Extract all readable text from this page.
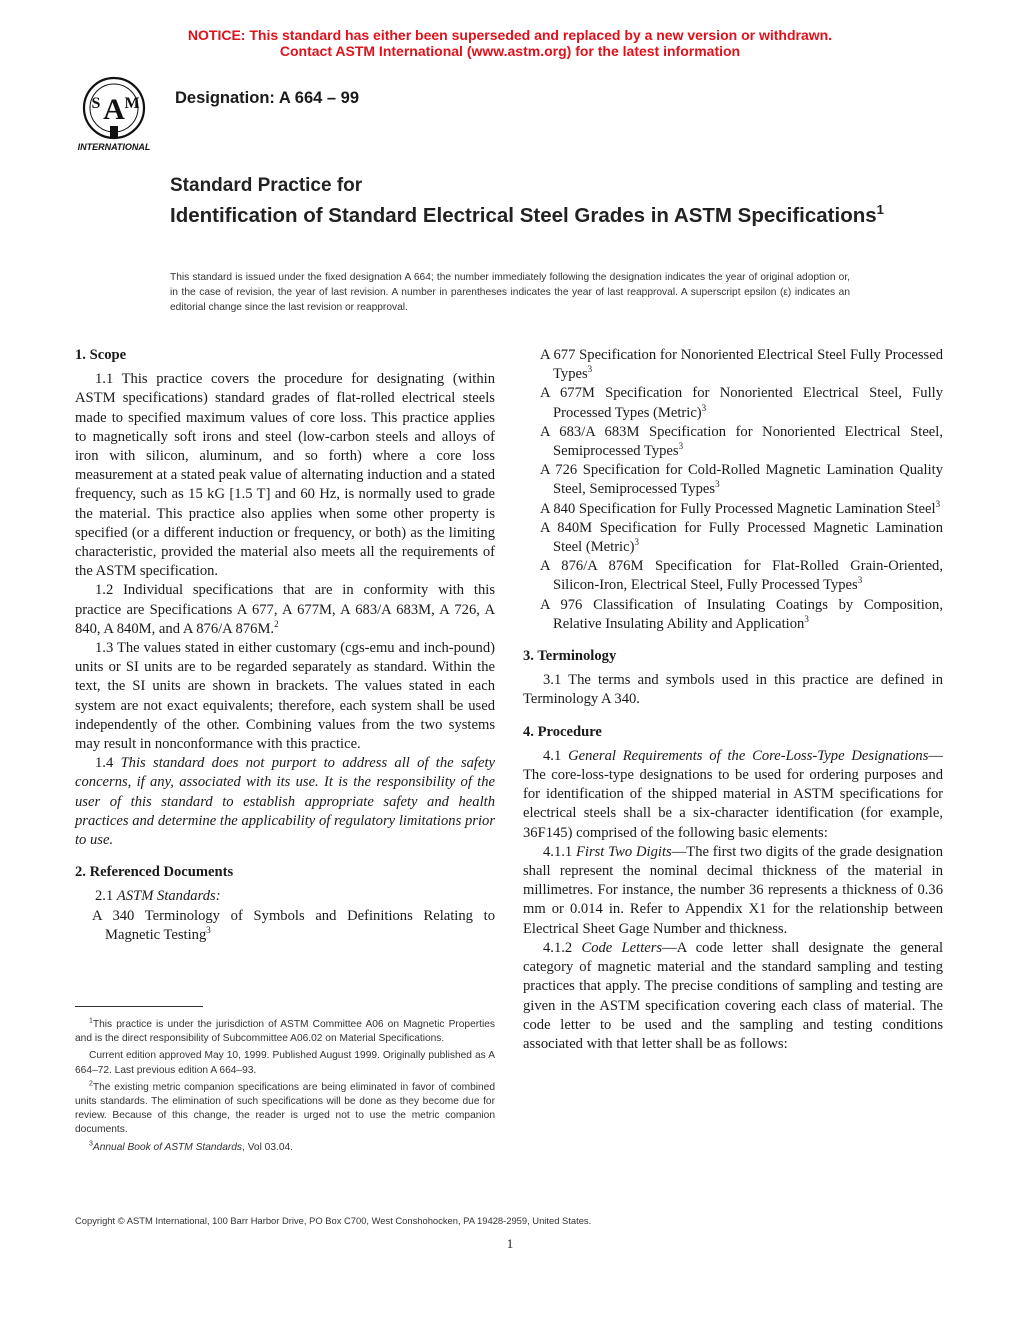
NOTICE: This standard has either been superseded and replaced by a new version or withdrawn.
Contact ASTM International (www.astm.org) for the latest information
A
S M
INTERNATIONAL
Designation: A 664 – 99
Standard Practice for
Identification of Standard Electrical Steel Grades in ASTM Specifications$^1$
This standard is issued under the fixed designation A 664; the number immediately following the designation indicates the year of original adoption or, in the case of revision, the year of last revision. A number in parentheses indicates the year of last reapproval. A superscript epsilon (ε) indicates an editorial change since the last revision or reapproval.
1. Scope

1.1 This practice covers the procedure for designating (within ASTM specifications) standard grades of flat-rolled electrical steels made to specified maximum values of core loss. This practice applies to magnetically soft irons and steel (low-carbon steels and alloys of iron with silicon, aluminum, and so forth) where a core loss measurement at a stated peak value of alternating induction and a stated frequency, such as 15 kG [1.5 T] and 60 Hz, is normally used to grade the material. This practice also applies when some other property is specified (or a different induction or frequency, or both) as the limiting characteristic, provided the material also meets all the requirements of the ASTM specification.

1.2 Individual specifications that are in conformity with this practice are Specifications A 677, A 677M, A 683/A 683M, A 726, A 840, A 840M, and A 876/A 876M.$^2$

1.3 The values stated in either customary (cgs-emu and inch-pound) units or SI units are to be regarded separately as standard. Within the text, the SI units are shown in brackets. The values stated in each system are not exact equivalents; therefore, each system shall be used independently of the other. Combining values from the two systems may result in nonconformance with this practice.

1.4 This standard does not purport to address all of the safety concerns, if any, associated with its use. It is the responsibility of the user of this standard to establish appropriate safety and health practices and determine the applicability of regulatory limitations prior to use.

2. Referenced Documents

2.1 ASTM Standards:

A 340 Terminology of Symbols and Definitions Relating to Magnetic Testing$^3$

$^1$This practice is under the jurisdiction of ASTM Committee A06 on Magnetic Properties and is the direct responsibility of Subcommittee A06.02 on Material Specifications.

Current edition approved May 10, 1999. Published August 1999. Originally published as A 664–72. Last previous edition A 664–93.

$^2$The existing metric companion specifications are being eliminated in favor of combined units standards. The elimination of such specifications will be done as they become due for review. Because of this change, the reader is urged not to use the metric companion documents.

$^3$Annual Book of ASTM Standards, Vol 03.04.

A 677 Specification for Nonoriented Electrical Steel Fully Processed Types$^3$

A 677M Specification for Nonoriented Electrical Steel, Fully Processed Types (Metric)$^3$

A 683/A 683M Specification for Nonoriented Electrical Steel, Semiprocessed Types$^3$

A 726 Specification for Cold-Rolled Magnetic Lamination Quality Steel, Semiprocessed Types$^3$

A 840 Specification for Fully Processed Magnetic Lamination Steel$^3$

A 840M Specification for Fully Processed Magnetic Lamination Steel (Metric)$^3$

A 876/A 876M Specification for Flat-Rolled Grain-Oriented, Silicon-Iron, Electrical Steel, Fully Processed Types$^3$

A 976 Classification of Insulating Coatings by Composition, Relative Insulating Ability and Application$^3$

3. Terminology

3.1 The terms and symbols used in this practice are defined in Terminology A 340.

4. Procedure

4.1 General Requirements of the Core-Loss-Type Designations—The core-loss-type designations to be used for ordering purposes and for identification of the shipped material in ASTM specifications for electrical steels shall be a six-character identification (for example, 36F145) comprised of the following basic elements:

4.1.1 First Two Digits—The first two digits of the grade designation shall represent the nominal decimal thickness of the material in millimetres. For instance, the number 36 represents a thickness of 0.36 mm or 0.014 in. Refer to Appendix X1 for the relationship between Electrical Sheet Gage Number and thickness.

4.1.2 Code Letters—A code letter shall designate the general category of magnetic material and the standard sampling and testing practices that apply. The precise conditions of sampling and testing are given in the ASTM specification covering each class of material. The code letter to be used and the sampling and testing conditions associated with that letter shall be as follows:

Copyright © ASTM International, 100 Barr Harbor Drive, PO Box C700, West Conshohocken, PA 19428-2959, United States.
1
